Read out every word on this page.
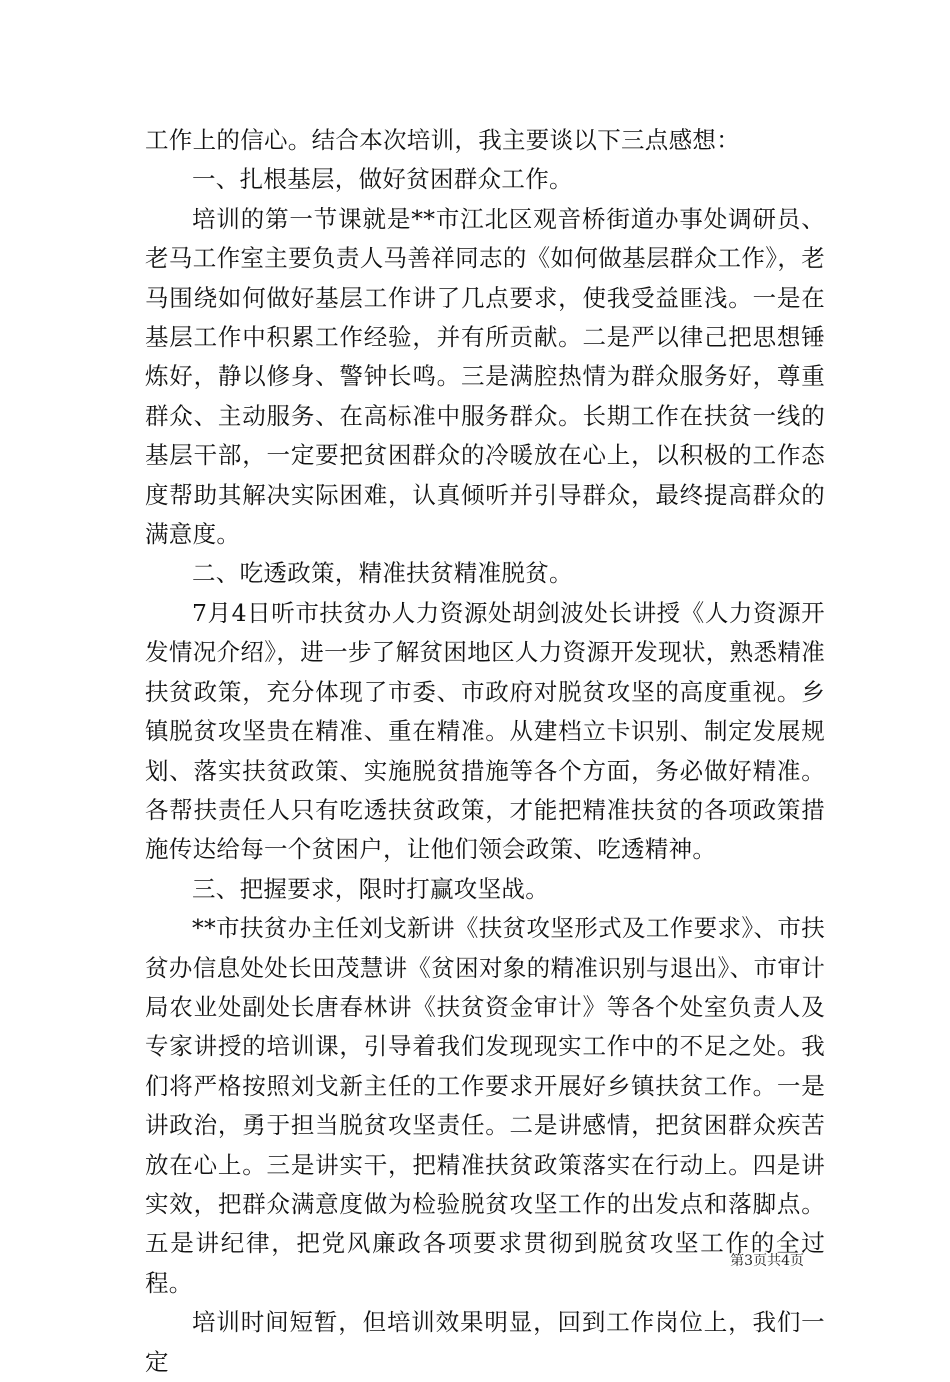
工作上的信心。结合本次培训，我主要谈以下三点感想：

一、扎根基层，做好贫困群众工作。

培训的第一节课就是**市江北区观音桥街道办事处调研员、老马工作室主要负责人马善祥同志的《如何做基层群众工作》，老马围绕如何做好基层工作讲了几点要求，使我受益匪浅。一是在基层工作中积累工作经验，并有所贡献。二是严以律己把思想锤炼好，静以修身、警钟长鸣。三是满腔热情为群众服务好，尊重群众、主动服务、在高标准中服务群众。长期工作在扶贫一线的基层干部，一定要把贫困群众的冷暖放在心上，以积极的工作态度帮助其解决实际困难，认真倾听并引导群众，最终提高群众的满意度。

二、吃透政策，精准扶贫精准脱贫。

7月4日听市扶贫办人力资源处胡剑波处长讲授《人力资源开发情况介绍》，进一步了解贫困地区人力资源开发现状，熟悉精准扶贫政策，充分体现了市委、市政府对脱贫攻坚的高度重视。乡镇脱贫攻坚贵在精准、重在精准。从建档立卡识别、制定发展规划、落实扶贫政策、实施脱贫措施等各个方面，务必做好精准。各帮扶责任人只有吃透扶贫政策，才能把精准扶贫的各项政策措施传达给每一个贫困户，让他们领会政策、吃透精神。

三、把握要求，限时打赢攻坚战。

**市扶贫办主任刘戈新讲《扶贫攻坚形式及工作要求》、市扶贫办信息处处长田茂慧讲《贫困对象的精准识别与退出》、市审计局农业处副处长唐春林讲《扶贫资金审计》等各个处室负责人及专家讲授的培训课，引导着我们发现现实工作中的不足之处。我们将严格按照刘戈新主任的工作要求开展好乡镇扶贫工作。一是讲政治，勇于担当脱贫攻坚责任。二是讲感情，把贫困群众疾苦放在心上。三是讲实干，把精准扶贫政策落实在行动上。四是讲实效，把群众满意度做为检验脱贫攻坚工作的出发点和落脚点。五是讲纪律，把党风廉政各项要求贯彻到脱贫攻坚工作的全过程。

培训时间短暂，但培训效果明显，回到工作岗位上，我们一定

第3页共4页
